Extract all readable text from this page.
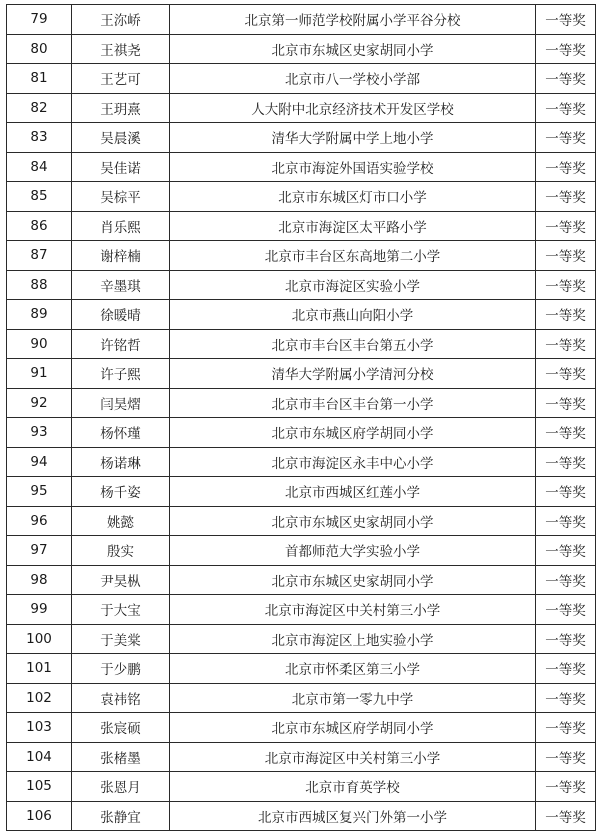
79	王沵峤	北京第一师范学校附属小学平谷分校	一等奖
80	王祺尧	北京市东城区史家胡同小学	一等奖
81	王艺可	北京市八一学校小学部	一等奖
82	王玥熹	人大附中北京经济技术开发区学校	一等奖
83	吴晨溪	清华大学附属中学上地小学	一等奖
84	吴佳诺	北京市海淀外国语实验学校	一等奖
85	吴棕平	北京市东城区灯市口小学	一等奖
86	肖乐熙	北京市海淀区太平路小学	一等奖
87	谢梓楠	北京市丰台区东高地第二小学	一等奖
88	辛墨琪	北京市海淀区实验小学	一等奖
89	徐暖晴	北京市燕山向阳小学	一等奖
90	许铭哲	北京市丰台区丰台第五小学	一等奖
91	许子熙	清华大学附属小学清河分校	一等奖
92	闫昊熠	北京市丰台区丰台第一小学	一等奖
93	杨怀瑾	北京市东城区府学胡同小学	一等奖
94	杨诺琳	北京市海淀区永丰中心小学	一等奖
95	杨千姿	北京市西城区红莲小学	一等奖
96	姚懿	北京市东城区史家胡同小学	一等奖
97	殷实	首都师范大学实验小学	一等奖
98	尹昊枞	北京市东城区史家胡同小学	一等奖
99	于大宝	北京市海淀区中关村第三小学	一等奖
100	于美棠	北京市海淀区上地实验小学	一等奖
101	于少鹏	北京市怀柔区第三小学	一等奖
102	袁祎铭	北京市第一零九中学	一等奖
103	张宸硕	北京市东城区府学胡同小学	一等奖
104	张楮墨	北京市海淀区中关村第三小学	一等奖
105	张恩月	北京市育英学校	一等奖
106	张静宜	北京市西城区复兴门外第一小学	一等奖
